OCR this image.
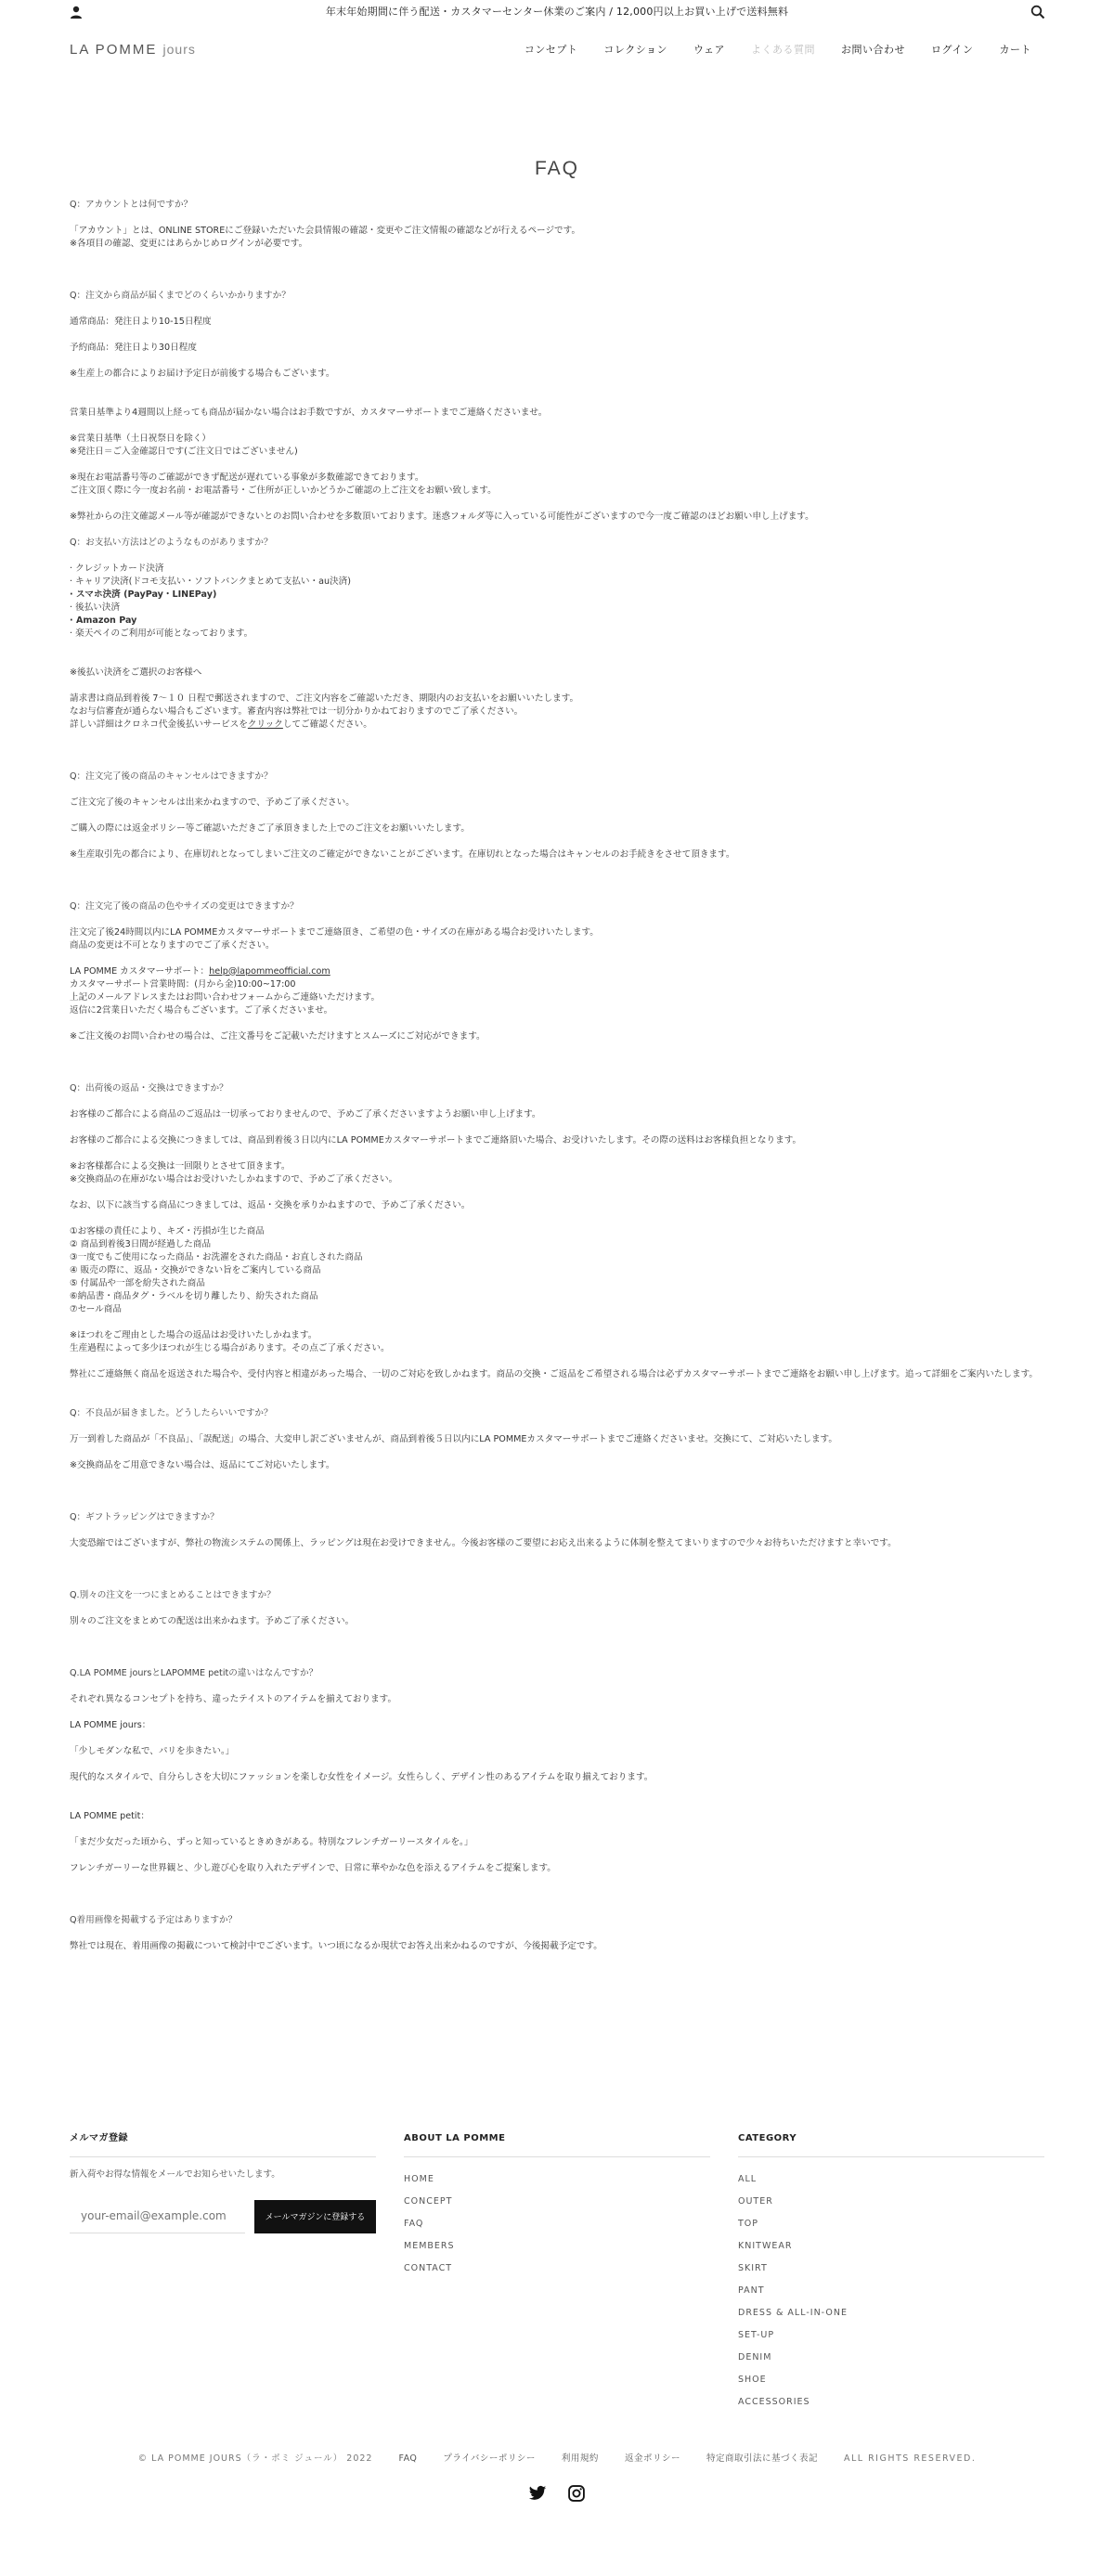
年末年始期間に伴う配送・カスタマーセンター休業のご案内 / 12,000円以上お買い上げで送料無料
LA POMME jours	コンセプト	コレクション	ウェア	よくある質問	お問い合わせ	ログイン	カート
FAQ

Q：アカウントとは何ですか？

「アカウント」とは、ONLINE STOREにご登録いただいた会員情報の確認・変更やご注文情報の確認などが行えるページです。

※各項目の確認、変更にはあらかじめログインが必要です。

Q：注文から商品が届くまでどのくらいかかりますか？

通常商品：発注日より10-15日程度

予約商品：発注日より30日程度

※生産上の都合によりお届け予定日が前後する場合もございます。

営業日基準より4週間以上経っても商品が届かない場合はお手数ですが、カスタマーサポートまでご連絡くださいませ。

※営業日基準（土日祝祭日を除く）

※発注日＝ご入金確認日です(ご注文日ではございません)

※現在お電話番号等のご確認ができず配送が遅れている事象が多数確認できております。

ご注文頂く際に今一度お名前・お電話番号・ご住所が正しいかどうかご確認の上ご注文をお願い致します。

※弊社からの注文確認メール等が確認ができないとのお問い合わせを多数頂いております。迷惑フォルダ等に入っている可能性がございますので今一度ご確認のほどお願い申し上げます。

Q：お支払い方法はどのようなものがありますか？

· クレジットカード決済

· キャリア決済(ドコモ支払い・ソフトバンクまとめて支払い・au決済)

· スマホ決済 (PayPay・LINEPay)

· 後払い決済

· Amazon Pay

· 楽天ペイのご利用が可能となっております。

※後払い決済をご選択のお客様へ

請求書は商品到着後 7～１０ 日程で郵送されますので、ご注文内容をご確認いただき、期限内のお支払いをお願いいたします。

なお与信審査が通らない場合もございます。審査内容は弊社では一切分かりかねておりますのでご了承ください。

詳しい詳細はクロネコ代金後払いサービスをクリックしてご確認ください。

Q：注文完了後の商品のキャンセルはできますか？

ご注文完了後のキャンセルは出来かねますので、予めご了承ください。

ご購入の際には返金ポリシー等ご確認いただきご了承頂きました上でのご注文をお願いいたします。

※生産取引先の都合により、在庫切れとなってしまいご注文のご確定ができないことがございます。在庫切れとなった場合はキャンセルのお手続きをさせて頂きます。

Q：注文完了後の商品の色やサイズの変更はできますか？

注文完了後24時間以内にLA POMMEカスタマーサポートまでご連絡頂き、ご希望の色・サイズの在庫がある場合お受けいたします。

商品の変更は不可となりますのでご了承ください。

LA POMME カスタマーサポート：help@lapommeofficial.com

カスタマーサポート営業時間：(月から金)10:00~17:00

上記のメールアドレスまたはお問い合わせフォームからご連絡いただけます。

返信に2営業日いただく場合もございます。ご了承くださいませ。

※ご注文後のお問い合わせの場合は、ご注文番号をご記載いただけますとスムーズにご対応ができます。

Q：出荷後の返品・交換はできますか？

お客様のご都合による商品のご返品は一切承っておりませんので、予めご了承くださいますようお願い申し上げます。

お客様のご都合による交換につきましては、商品到着後３日以内にLA POMMEカスタマーサポートまでご連絡頂いた場合、お受けいたします。その際の送料はお客様負担となります。

※お客様都合による交換は一回限りとさせて頂きます。

※交換商品の在庫がない場合はお受けいたしかねますので、予めご了承ください。

なお、以下に該当する商品につきましては、返品・交換を承りかねますので、予めご了承ください。

①お客様の責任により、キズ・汚損が生じた商品

② 商品到着後3日間が経過した商品

③一度でもご使用になった商品・お洗濯をされた商品・お直しされた商品

④ 販売の際に、返品・交換ができない旨をご案内している商品

⑤ 付属品や一部を紛失された商品

⑥納品書・商品タグ・ラベルを切り離したり、紛失された商品

⑦セール商品

※ほつれをご理由とした場合の返品はお受けいたしかねます。

生産過程によって多少ほつれが生じる場合があります。その点ご了承ください。

弊社にご連絡無く商品を返送された場合や、受付内容と相違があった場合、一切のご対応を致しかねます。商品の交換・ご返品をご希望される場合は必ずカスタマーサポートまでご連絡をお願い申し上げます。追って詳細をご案内いたします。

Q：不良品が届きました。どうしたらいいですか？

万一到着した商品が「不良品」、「誤配送」の場合、大変申し訳ございませんが、商品到着後５日以内にLA POMMEカスタマーサポートまでご連絡くださいませ。交換にて、ご対応いたします。

※交換商品をご用意できない場合は、返品にてご対応いたします。

Q：ギフトラッピングはできますか？

大変恐縮ではございますが、弊社の物流システムの関係上、ラッピングは現在お受けできません。今後お客様のご要望にお応え出来るように体制を整えてまいりますので少々お待ちいただけますと幸いです。

Q.別々の注文を一つにまとめることはできますか？

別々のご注文をまとめての配送は出来かねます。予めご了承ください。

Q.LA POMME joursとLAPOMME petitの違いはなんですか？

それぞれ異なるコンセプトを持ち、違ったテイストのアイテムを揃えております。

LA POMME jours：

「少しモダンな私で、パリを歩きたい。」

現代的なスタイルで、自分らしさを大切にファッションを楽しむ女性をイメージ。女性らしく、デザイン性のあるアイテムを取り揃えております。

LA POMME petit：

「まだ少女だった頃から、ずっと知っているときめきがある。特別なフレンチガーリースタイルを。」

フレンチガーリーな世界観と、少し遊び心を取り入れたデザインで、日常に華やかな色を添えるアイテムをご提案します。

Q着用画像を掲載する予定はありますか？

弊社では現在、着用画像の掲載について検討中でございます。いつ頃になるか現状でお答え出来かねるのですが、今後掲載予定です。

メルマガ登録

新入荷やお得な情報をメールでお知らせいたします。

your-email@example.com
メールマガジンに登録する
ABOUT LA POMME
HOME
CONCEPT
FAQ
MEMBERS
CONTACT
CATEGORY
ALL
OUTER
TOP
KNITWEAR
SKIRT
PANT
DRESS & ALL-IN-ONE
SET-UP
DENIM
SHOE
ACCESSORIES
© LA POMME JOURS（ラ・ポミ ジュール） 2022	FAQ	プライバシーポリシー	利用規約	返金ポリシー	特定商取引法に基づく表記	ALL RIGHTS RESERVED.
